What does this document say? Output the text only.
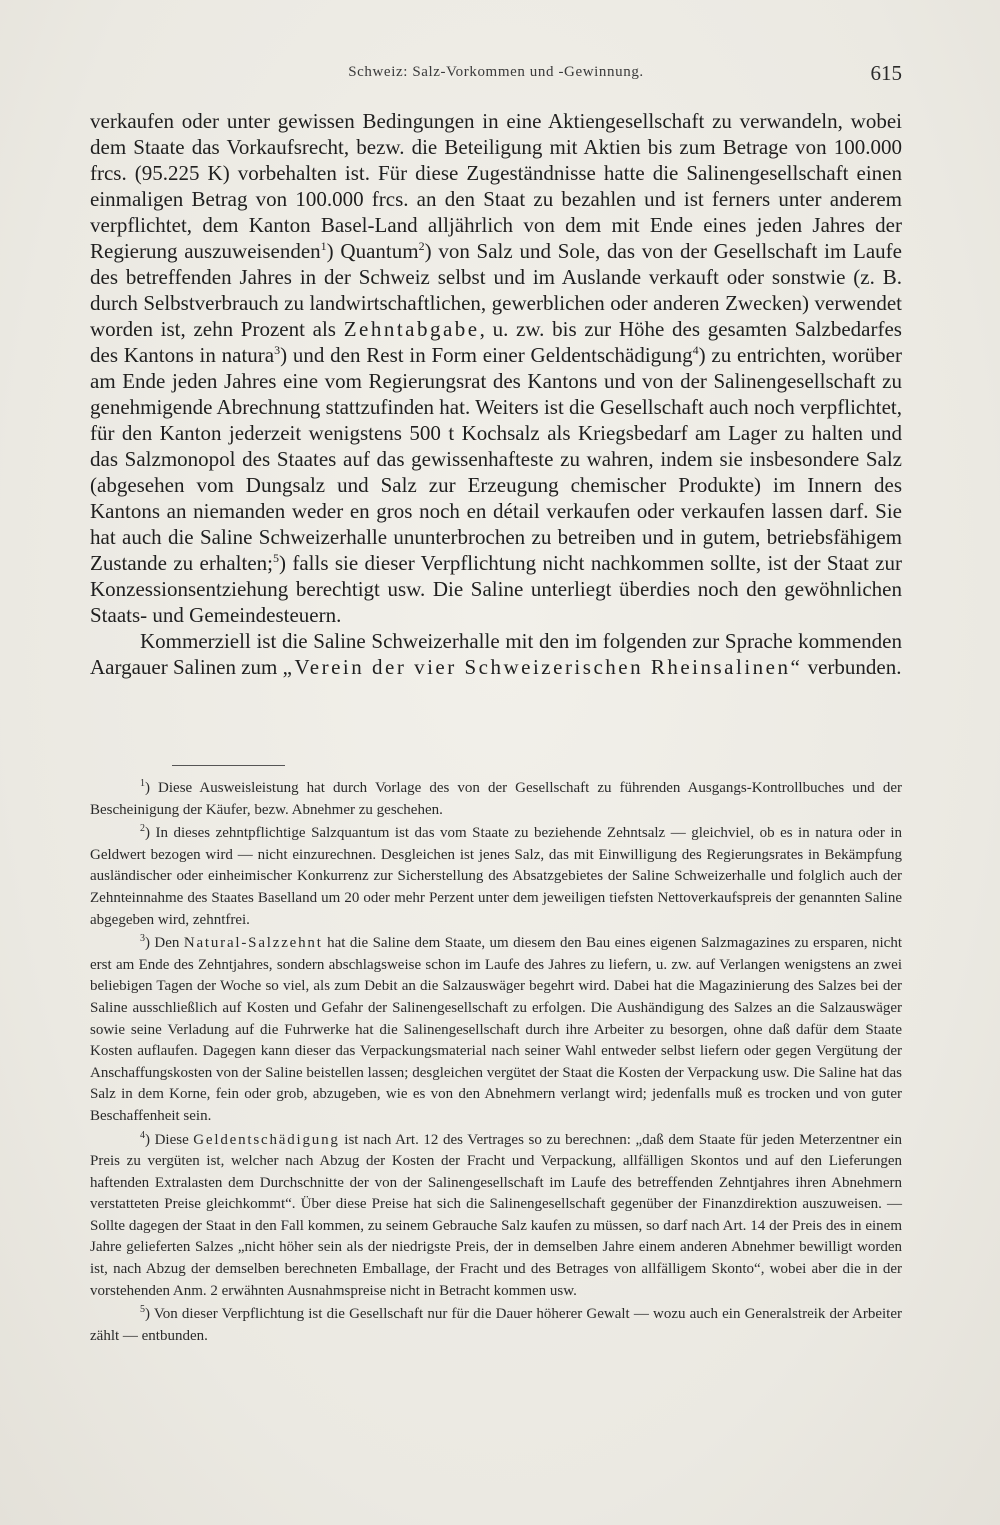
Schweiz: Salz-Vorkommen und -Gewinnung.	615

verkaufen oder unter gewissen Bedingungen in eine Aktiengesellschaft zu verwandeln, wobei dem Staate das Vorkaufsrecht, bezw. die Beteiligung mit Aktien bis zum Betrage von 100.000 frcs. (95.225 K) vorbehalten ist. Für diese Zugeständnisse hatte die Salinengesellschaft einen einmaligen Betrag von 100.000 frcs. an den Staat zu bezahlen und ist ferners unter anderem verpflichtet, dem Kanton Basel-Land alljährlich von dem mit Ende eines jeden Jahres der Regierung auszuweisenden$^1$) Quantum$^2$) von Salz und Sole, das von der Gesellschaft im Laufe des betreffenden Jahres in der Schweiz selbst und im Auslande verkauft oder sonstwie (z. B. durch Selbstverbrauch zu landwirtschaftlichen, gewerblichen oder anderen Zwecken) verwendet worden ist, zehn Prozent als Zehntabgabe, u. zw. bis zur Höhe des gesamten Salzbedarfes des Kantons in natura$^3$) und den Rest in Form einer Geldentschädigung$^4$) zu entrichten, worüber am Ende jeden Jahres eine vom Regierungsrat des Kantons und von der Salinengesellschaft zu genehmigende Abrechnung stattzufinden hat. Weiters ist die Gesellschaft auch noch verpflichtet, für den Kanton jederzeit wenigstens 500 t Kochsalz als Kriegsbedarf am Lager zu halten und das Salzmonopol des Staates auf das gewissenhafteste zu wahren, indem sie insbesondere Salz (abgesehen vom Dungsalz und Salz zur Erzeugung chemischer Produkte) im Innern des Kantons an niemanden weder en gros noch en détail verkaufen oder verkaufen lassen darf. Sie hat auch die Saline Schweizerhalle ununterbrochen zu betreiben und in gutem, betriebsfähigem Zustande zu erhalten;$^5$) falls sie dieser Verpflichtung nicht nachkommen sollte, ist der Staat zur Konzessionsentziehung berechtigt usw. Die Saline unterliegt überdies noch den gewöhnlichen Staats- und Gemeindesteuern.

Kommerziell ist die Saline Schweizerhalle mit den im folgenden zur Sprache kommenden Aargauer Salinen zum „Verein der vier Schweizerischen Rheinsalinen“ verbunden.

$^1$) Diese Ausweisleistung hat durch Vorlage des von der Gesellschaft zu führenden Ausgangs-Kontrollbuches und der Bescheinigung der Käufer, bezw. Abnehmer zu geschehen.

$^2$) In dieses zehntpflichtige Salzquantum ist das vom Staate zu beziehende Zehntsalz — gleichviel, ob es in natura oder in Geldwert bezogen wird — nicht einzurechnen. Desgleichen ist jenes Salz, das mit Einwilligung des Regierungsrates in Bekämpfung ausländischer oder einheimischer Konkurrenz zur Sicherstellung des Absatzgebietes der Saline Schweizerhalle und folglich auch der Zehnteinnahme des Staates Baselland um 20 oder mehr Perzent unter dem jeweiligen tiefsten Nettoverkaufspreis der genannten Saline abgegeben wird, zehntfrei.

$^3$) Den Natural-Salzzehnt hat die Saline dem Staate, um diesem den Bau eines eigenen Salzmagazines zu ersparen, nicht erst am Ende des Zehntjahres, sondern abschlagsweise schon im Laufe des Jahres zu liefern, u. zw. auf Verlangen wenigstens an zwei beliebigen Tagen der Woche so viel, als zum Debit an die Salzauswäger begehrt wird. Dabei hat die Magazinierung des Salzes bei der Saline ausschließlich auf Kosten und Gefahr der Salinengesellschaft zu erfolgen. Die Aushändigung des Salzes an die Salzauswäger sowie seine Verladung auf die Fuhrwerke hat die Salinengesellschaft durch ihre Arbeiter zu besorgen, ohne daß dafür dem Staate Kosten auflaufen. Dagegen kann dieser das Verpackungsmaterial nach seiner Wahl entweder selbst liefern oder gegen Vergütung der Anschaffungskosten von der Saline beistellen lassen; desgleichen vergütet der Staat die Kosten der Verpackung usw. Die Saline hat das Salz in dem Korne, fein oder grob, abzugeben, wie es von den Abnehmern verlangt wird; jedenfalls muß es trocken und von guter Beschaffenheit sein.

$^4$) Diese Geldentschädigung ist nach Art. 12 des Vertrages so zu berechnen: „daß dem Staate für jeden Meterzentner ein Preis zu vergüten ist, welcher nach Abzug der Kosten der Fracht und Verpackung, allfälligen Skontos und auf den Lieferungen haftenden Extralasten dem Durchschnitte der von der Salinengesellschaft im Laufe des betreffenden Zehntjahres ihren Abnehmern verstatteten Preise gleichkommt“. Über diese Preise hat sich die Salinengesellschaft gegenüber der Finanzdirektion auszuweisen. — Sollte dagegen der Staat in den Fall kommen, zu seinem Gebrauche Salz kaufen zu müssen, so darf nach Art. 14 der Preis des in einem Jahre gelieferten Salzes „nicht höher sein als der niedrigste Preis, der in demselben Jahre einem anderen Abnehmer bewilligt worden ist, nach Abzug der demselben berechneten Emballage, der Fracht und des Betrages von allfälligem Skonto“, wobei aber die in der vorstehenden Anm. 2 erwähnten Ausnahmspreise nicht in Betracht kommen usw.

$^5$) Von dieser Verpflichtung ist die Gesellschaft nur für die Dauer höherer Gewalt — wozu auch ein Generalstreik der Arbeiter zählt — entbunden.
